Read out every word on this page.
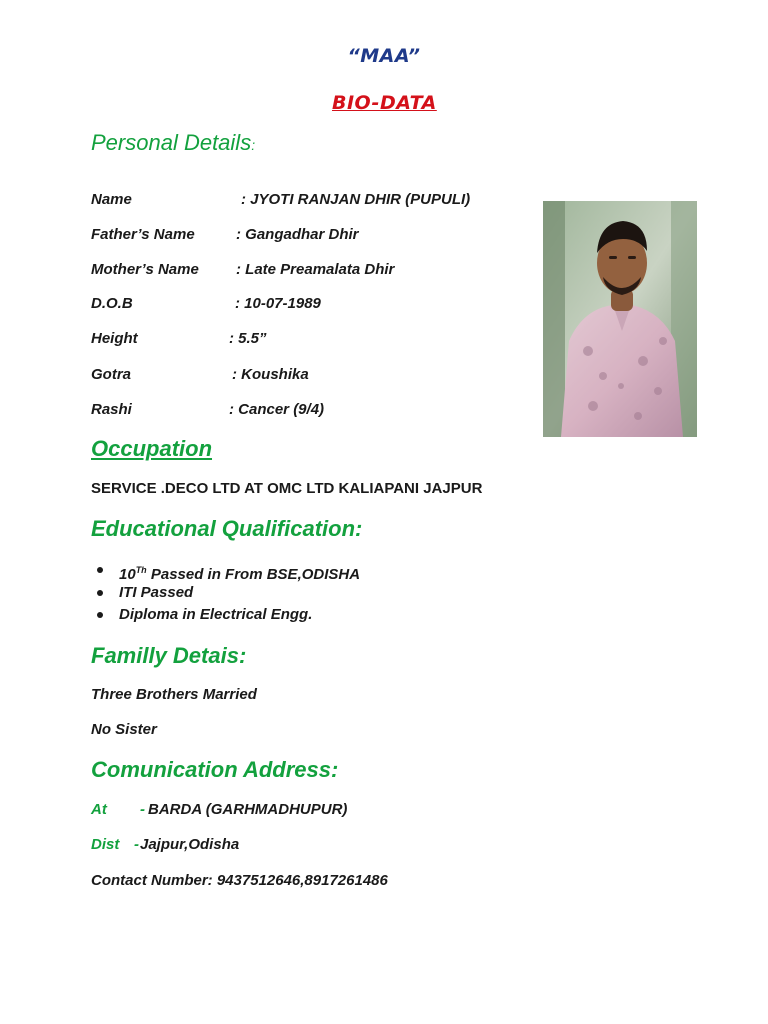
“MAA”
BIO-DATA
Personal Details:
Name	: JYOTI RANJAN DHIR (PUPULI)
Father’s Name	: Gangadhar Dhir
Mother’s Name : Late Preamalata Dhir
D.O.B	: 10-07-1989
Height	: 5.5”
Gotra	: Koushika
Rashi	: Cancer (9/4)
Occupation
SERVICE .DECO LTD AT OMC LTD KALIAPANI JAJPUR
Educational Qualification:
10Th Passed in From BSE,ODISHA
ITI Passed
Diploma in Electrical Engg.
Familly Detais:
Three Brothers Married
No Sister
Comunication Address:
At - BARDA (GARHMADHUPUR)
Dist - Jajpur,Odisha
Contact Number: 9437512646,8917261486
